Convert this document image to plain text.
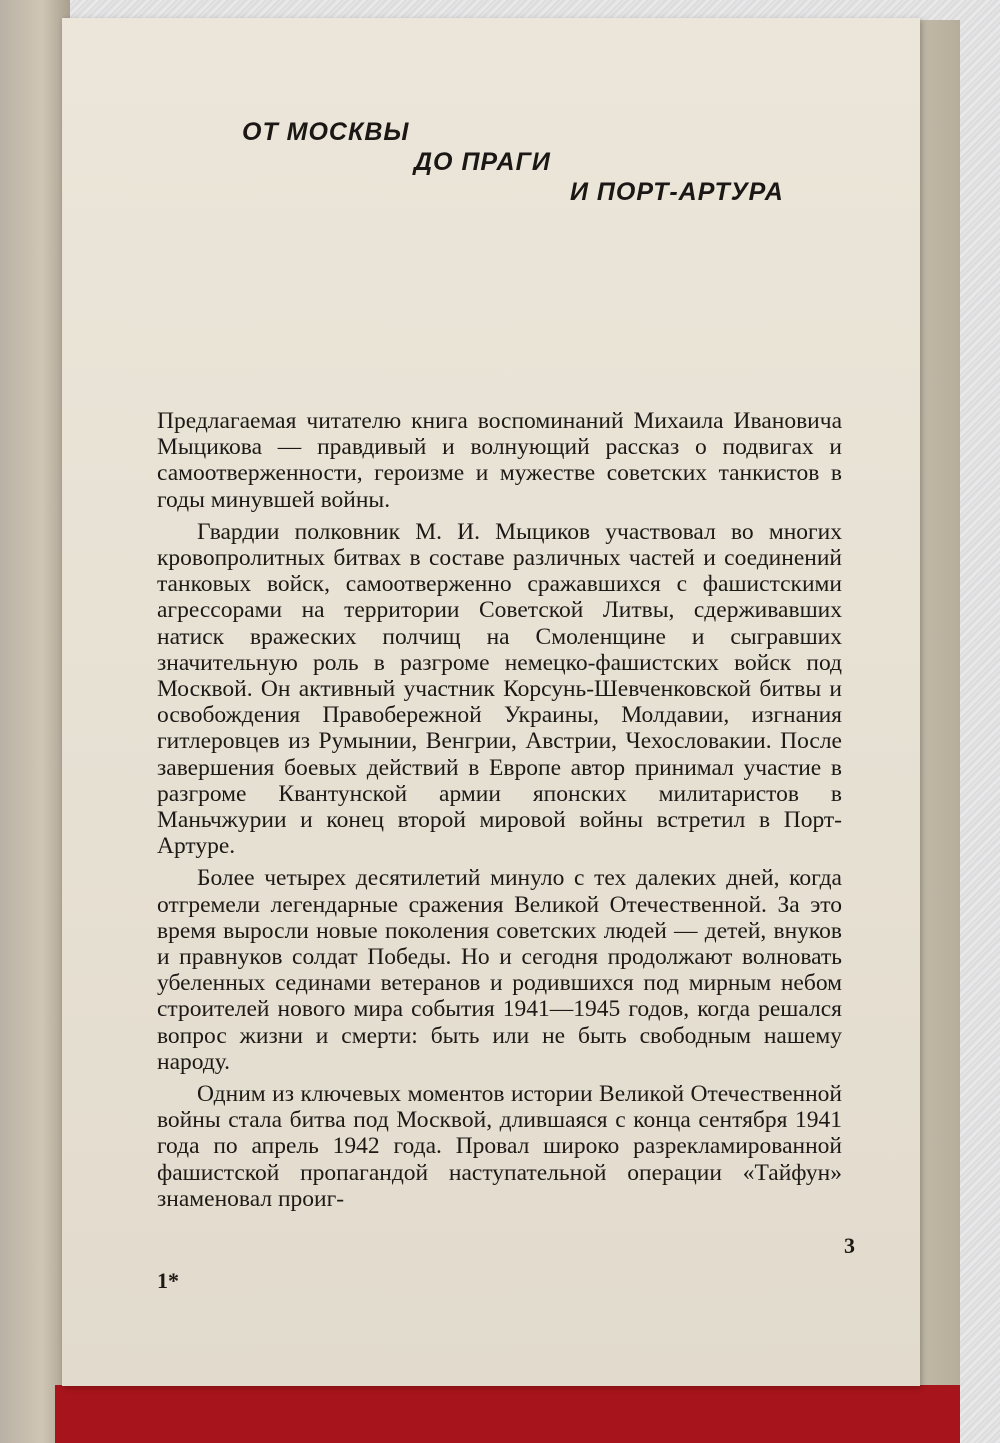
ОТ МОСКВЫ
ДО ПРАГИ
И ПОРТ-АРТУРА

Предлагаемая читателю книга воспоминаний Михаила Ивановича Мыцикова — правдивый и волнующий рассказ о подвигах и самоотверженности, героизме и мужестве советских танкистов в годы минувшей войны.

Гвардии полковник М. И. Мыциков участвовал во многих кровопролитных битвах в составе различных частей и соединений танковых войск, самоотверженно сражавшихся с фашистскими агрессорами на территории Советской Литвы, сдерживавших натиск вражеских полчищ на Смоленщине и сыгравших значительную роль в разгроме немецко-фашистских войск под Москвой. Он активный участник Корсунь-Шевченковской битвы и освобождения Правобережной Украины, Молдавии, изгнания гитлеровцев из Румынии, Венгрии, Австрии, Чехословакии. После завершения боевых действий в Европе автор принимал участие в разгроме Квантунской армии японских милитаристов в Маньчжурии и конец второй мировой войны встретил в Порт-Артуре.

Более четырех десятилетий минуло с тех далеких дней, когда отгремели легендарные сражения Великой Отечественной. За это время выросли новые поколения советских людей — детей, внуков и правнуков солдат Победы. Но и сегодня продолжают волновать убеленных сединами ветеранов и родившихся под мирным небом строителей нового мира события 1941—1945 годов, когда решался вопрос жизни и смерти: быть или не быть свободным нашему народу.

Одним из ключевых моментов истории Великой Отечественной войны стала битва под Москвой, длившаяся с конца сентября 1941 года по апрель 1942 года. Провал широко разрекламированной фашистской пропагандой наступательной операции «Тайфун» знаменовал проиг-

3
1*
